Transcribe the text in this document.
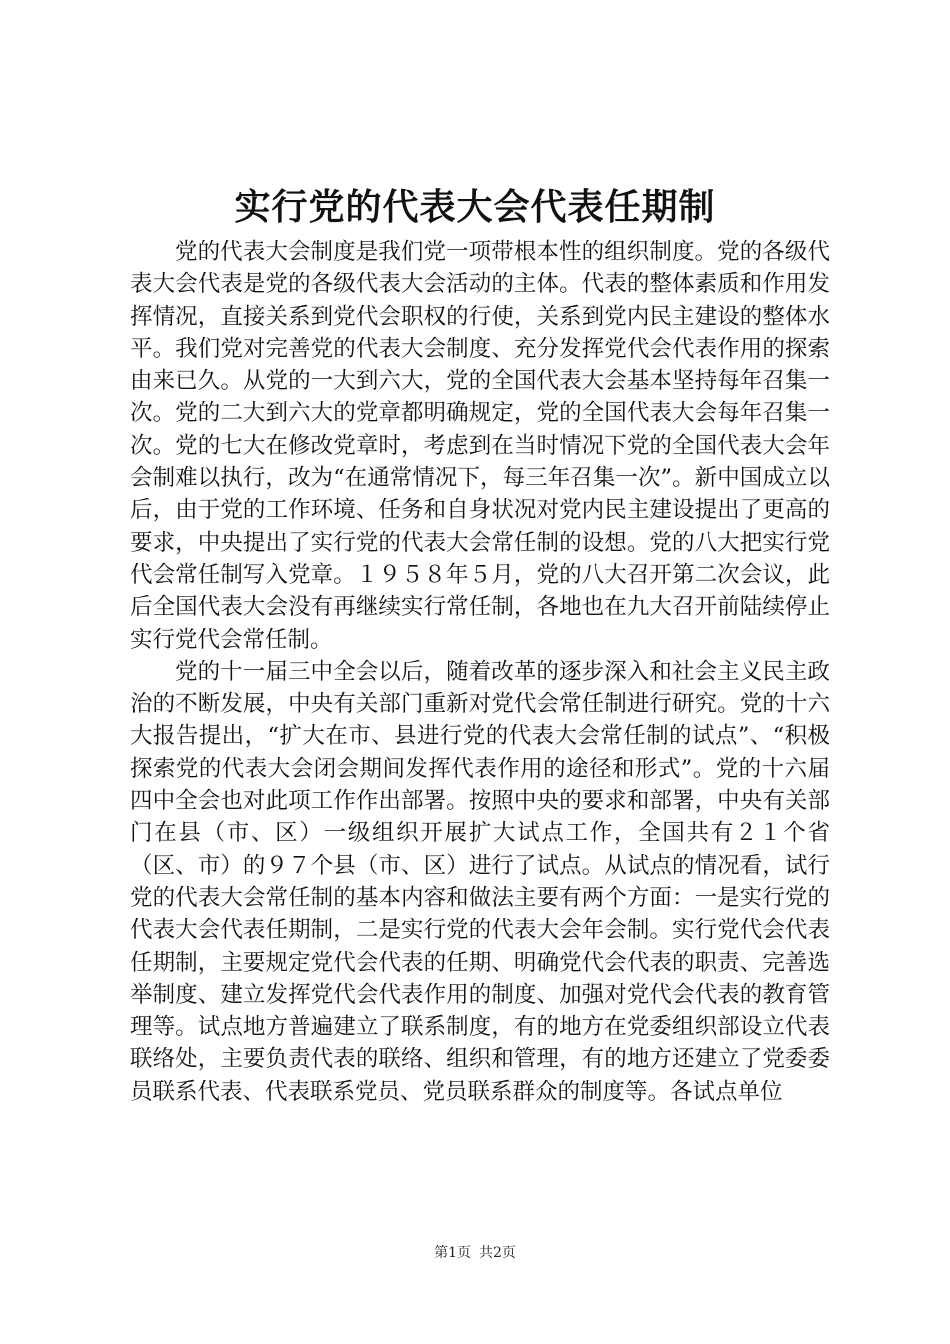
实行党的代表大会代表任期制

党的代表大会制度是我们党一项带根本性的组织制度。党的各级代表大会代表是党的各级代表大会活动的主体。代表的整体素质和作用发挥情况，直接关系到党代会职权的行使，关系到党内民主建设的整体水平。我们党对完善党的代表大会制度、充分发挥党代会代表作用的探索由来已久。从党的一大到六大，党的全国代表大会基本坚持每年召集一次。党的二大到六大的党章都明确规定，党的全国代表大会每年召集一次。党的七大在修改党章时，考虑到在当时情况下党的全国代表大会年会制难以执行，改为“在通常情况下，每三年召集一次”。新中国成立以后，由于党的工作环境、任务和自身状况对党内民主建设提出了更高的要求，中央提出了实行党的代表大会常任制的设想。党的八大把实行党代会常任制写入党章。１９５８年５月，党的八大召开第二次会议，此后全国代表大会没有再继续实行常任制，各地也在九大召开前陆续停止实行党代会常任制。

党的十一届三中全会以后，随着改革的逐步深入和社会主义民主政治的不断发展，中央有关部门重新对党代会常任制进行研究。党的十六大报告提出，“扩大在市、县进行党的代表大会常任制的试点”、“积极探索党的代表大会闭会期间发挥代表作用的途径和形式”。党的十六届四中全会也对此项工作作出部署。按照中央的要求和部署，中央有关部门在县（市、区）一级组织开展扩大试点工作，全国共有２１个省（区、市）的９７个县（市、区）进行了试点。从试点的情况看，试行党的代表大会常任制的基本内容和做法主要有两个方面：一是实行党的代表大会代表任期制，二是实行党的代表大会年会制。实行党代会代表任期制，主要规定党代会代表的任期、明确党代会代表的职责、完善选举制度、建立发挥党代会代表作用的制度、加强对党代会代表的教育管理等。试点地方普遍建立了联系制度，有的地方在党委组织部设立代表联络处，主要负责代表的联络、组织和管理，有的地方还建立了党委委员联系代表、代表联系党员、党员联系群众的制度等。各试点单位

第1页 共2页
